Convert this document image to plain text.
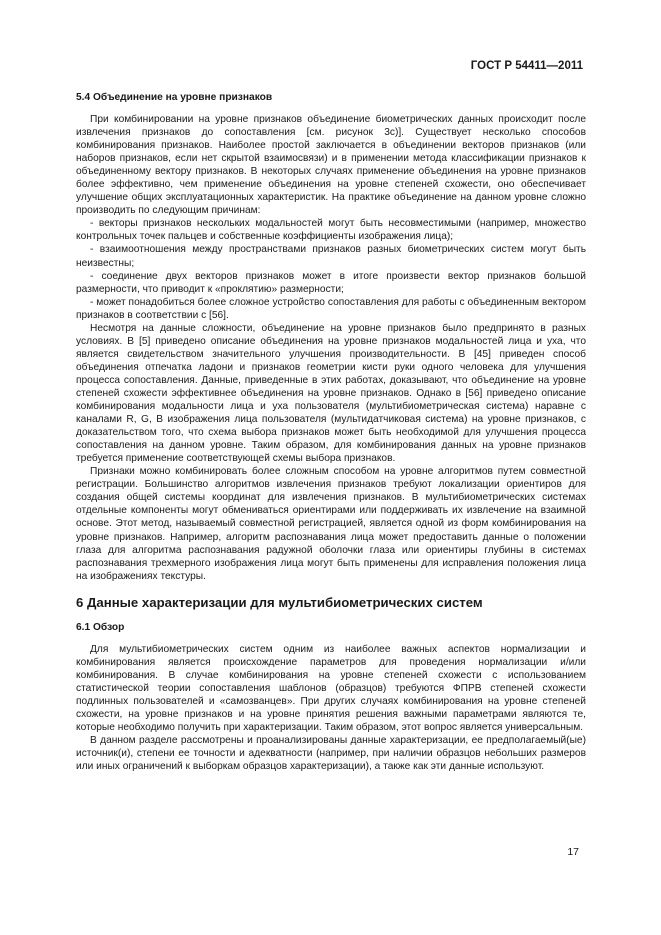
ГОСТ Р 54411—2011
5.4 Объединение на уровне признаков

При комбинировании на уровне признаков объединение биометрических данных происходит после извлечения признаков до сопоставления [см. рисунок 3с)]. Существует несколько способов комбинирования признаков. Наиболее простой заключается в объединении векторов признаков (или наборов признаков, если нет скрытой взаимосвязи) и в применении метода классификации признаков к объединенному вектору признаков. В некоторых случаях применение объединения на уровне признаков более эффективно, чем применение объединения на уровне степеней схожести, оно обеспечивает улучшение общих эксплуатационных характеристик. На практике объединение на данном уровне сложно производить по следующим причинам:

- векторы признаков нескольких модальностей могут быть несовместимыми (например, множество контрольных точек пальцев и собственные коэффициенты изображения лица);

- взаимоотношения между пространствами признаков разных биометрических систем могут быть неизвестны;

- соединение двух векторов признаков может в итоге произвести вектор признаков большой размерности, что приводит к «проклятию» размерности;

- может понадобиться более сложное устройство сопоставления для работы с объединенным вектором признаков в соответствии с [56].

Несмотря на данные сложности, объединение на уровне признаков было предпринято в разных условиях. В [5] приведено описание объединения на уровне признаков модальностей лица и уха, что является свидетельством значительного улучшения производительности. В [45] приведен способ объединения отпечатка ладони и признаков геометрии кисти руки одного человека для улучшения процесса сопоставления. Данные, приведенные в этих работах, доказывают, что объединение на уровне степеней схожести эффективнее объединения на уровне признаков. Однако в [56] приведено описание комбинирования модальности лица и уха пользователя (мультибиометрическая система) наравне с каналами R, G, B изображения лица пользователя (мультидатчиковая система) на уровне признаков, с доказательством того, что схема выбора признаков может быть необходимой для улучшения процесса сопоставления на данном уровне. Таким образом, для комбинирования данных на уровне признаков требуется применение соответствующей схемы выбора признаков.

Признаки можно комбинировать более сложным способом на уровне алгоритмов путем совместной регистрации. Большинство алгоритмов извлечения признаков требуют локализации ориентиров для создания общей системы координат для извлечения признаков. В мультибиометрических системах отдельные компоненты могут обмениваться ориентирами или поддерживать их извлечение на взаимной основе. Этот метод, называемый совместной регистрацией, является одной из форм комбинирования на уровне признаков. Например, алгоритм распознавания лица может предоставить данные о положении глаза для алгоритма распознавания радужной оболочки глаза или ориентиры глубины в системах распознавания трехмерного изображения лица могут быть применены для исправления положения лица на изображениях текстуры.

6 Данные характеризации для мультибиометрических систем
6.1 Обзор

Для мультибиометрических систем одним из наиболее важных аспектов нормализации и комбинирования является происхождение параметров для проведения нормализации и/или комбинирования. В случае комбинирования на уровне степеней схожести с использованием статистической теории сопоставления шаблонов (образцов) требуются ФПРВ степеней схожести подлинных пользователей и «самозванцев». При других случаях комбинирования на уровне степеней схожести, на уровне признаков и на уровне принятия решения важными параметрами являются те, которые необходимо получить при характеризации. Таким образом, этот вопрос является универсальным.

В данном разделе рассмотрены и проанализированы данные характеризации, ее предполагаемый(ые) источник(и), степени ее точности и адекватности (например, при наличии образцов небольших размеров или иных ограничений к выборкам образцов характеризации), а также как эти данные используют.

17
